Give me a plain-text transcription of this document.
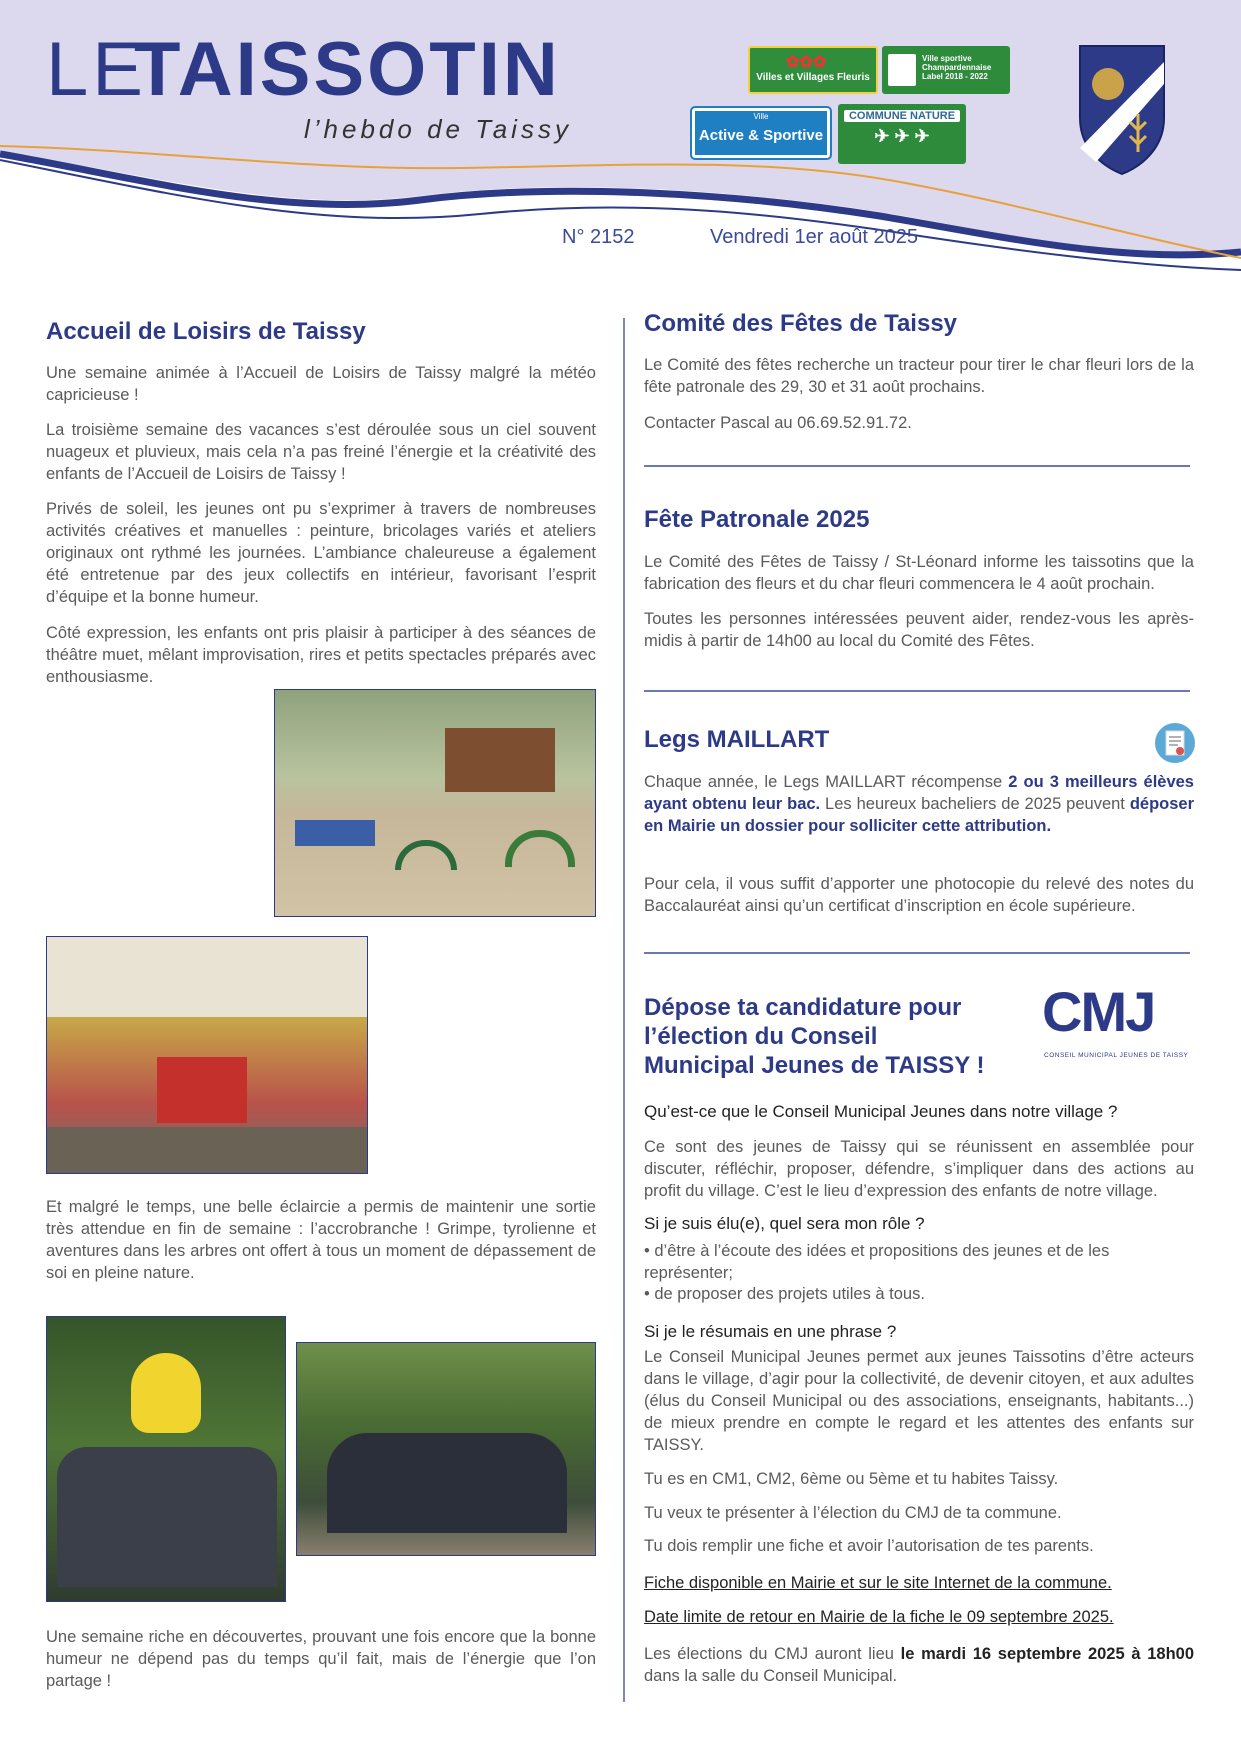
LE
TAISSOTIN
l’hebdo de Taissy
✿✿✿
Villes et Villages Fleuris
Ville sportive
Champardennaise
Label 2018 - 2022
Ville
Active & Sportive
COMMUNE NATURE
✈ ✈ ✈
N° 2152	Vendredi 1er août 2025
Accueil de Loisirs de Taissy

Une semaine animée à l’Accueil de Loisirs de Taissy malgré la météo capricieuse !

La troisième semaine des vacances s’est déroulée sous un ciel souvent nuageux et pluvieux, mais cela n’a pas freiné l’énergie et la créativité des enfants de l’Accueil de Loisirs de Taissy !

Privés de soleil, les jeunes ont pu s’exprimer à travers de nombreuses activités créatives et manuelles : peinture, bricolages variés et ateliers originaux ont rythmé les journées. L’ambiance chaleureuse a également été entretenue par des jeux collectifs en intérieur, favorisant l’esprit d’équipe et la bonne humeur.

Côté expression, les enfants ont pris plaisir à participer à des séances de théâtre muet, mêlant improvisation, rires et petits spectacles préparés avec enthousiasme.

Et malgré le temps, une belle éclaircie a permis de maintenir une sortie très attendue en fin de semaine : l’accrobranche ! Grimpe, tyrolienne et aventures dans les arbres ont offert à tous un moment de dépassement de soi en pleine nature.

Une semaine riche en découvertes, prouvant une fois encore que la bonne humeur ne dépend pas du temps qu’il fait, mais de l’énergie que l’on partage !

Comité des Fêtes de Taissy

Le Comité des fêtes recherche un tracteur pour tirer le char fleuri lors de la fête patronale des 29, 30 et 31 août prochains.

Contacter Pascal au 06.69.52.91.72.

Fête Patronale 2025

Le Comité des Fêtes de Taissy / St-Léonard informe les taissotins que la fabrication des fleurs et du char fleuri commencera le 4 août prochain.

Toutes les personnes intéressées peuvent aider, rendez-vous les après-midis à partir de 14h00 au local du Comité des Fêtes.

Legs MAILLART

Chaque année, le Legs MAILLART récompense 2 ou 3 meilleurs élèves ayant obtenu leur bac. Les heureux bacheliers de 2025 peuvent déposer en Mairie un dossier pour solliciter cette attribution.

Pour cela, il vous suffit d’apporter une photocopie du relevé des notes du Baccalauréat ainsi qu’un certificat d’inscription en école supérieure.

Dépose ta candidature pour l’élection du Conseil Municipal Jeunes de TAISSY !
CMJ
CONSEIL MUNICIPAL JEUNES DE TAISSY
Qu’est-ce que le Conseil Municipal Jeunes dans notre village ?

Ce sont des jeunes de Taissy qui se réunissent en assemblée pour discuter, réfléchir, proposer, défendre, s’impliquer dans des actions au profit du village. C’est le lieu d’expression des enfants de notre village.

Si je suis élu(e), quel sera mon rôle ?

• d’être à l’écoute des idées et propositions des jeunes et de les représenter;

• de proposer des projets utiles à tous.

Si je le résumais en une phrase ?

Le Conseil Municipal Jeunes permet aux jeunes Taissotins d’être acteurs dans le village, d’agir pour la collectivité, de devenir citoyen, et aux adultes (élus du Conseil Municipal ou des associations, enseignants, habitants...) de mieux prendre en compte le regard et les attentes des enfants sur TAISSY.

Tu es en CM1, CM2, 6ème ou 5ème et tu habites Taissy.

Tu veux te présenter à l’élection du CMJ de ta commune.

Tu dois remplir une fiche et avoir l’autorisation de tes parents.

Fiche disponible en Mairie et sur le site Internet de la commune.

Date limite de retour en Mairie de la fiche le 09 septembre 2025.

Les élections du CMJ auront lieu le mardi 16 septembre 2025 à 18h00 dans la salle du Conseil Municipal.
